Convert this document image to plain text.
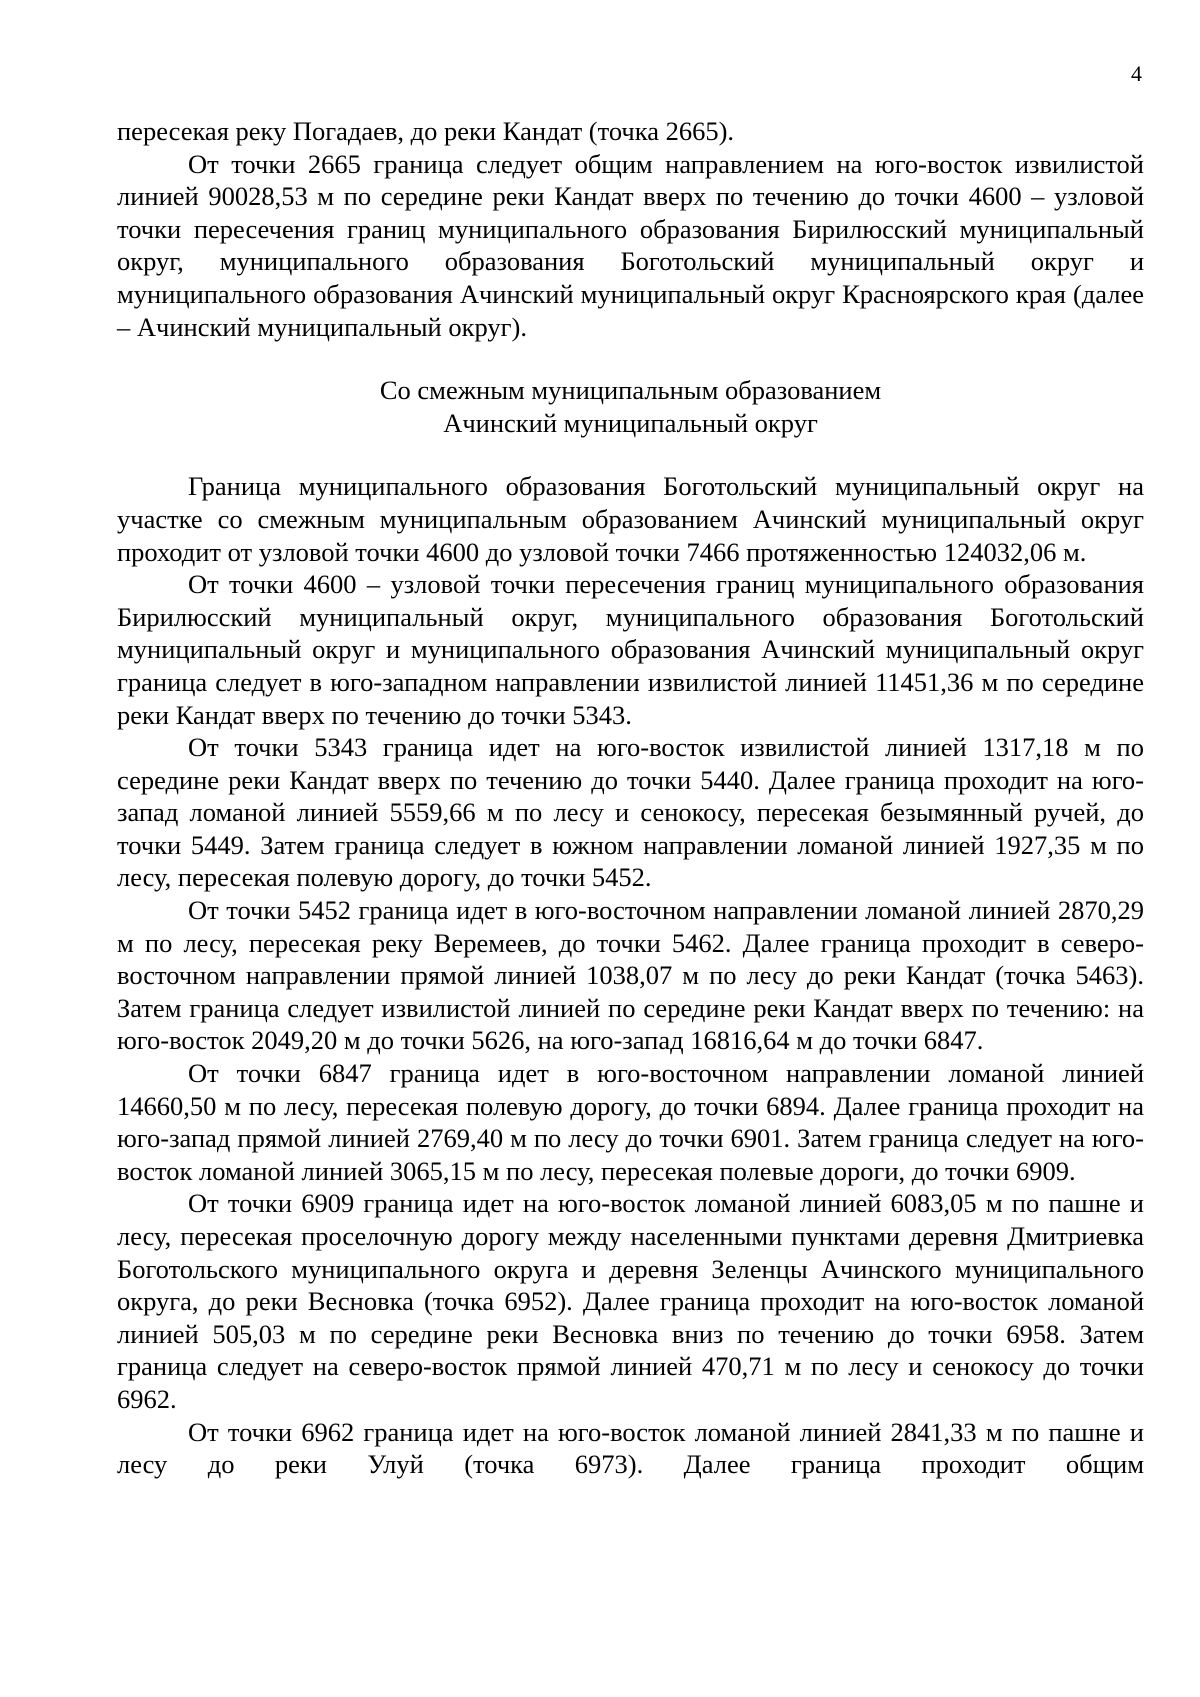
4

пересекая реку Погадаев, до реки Кандат (точка 2665).

От точки 2665 граница следует общим направлением на юго-восток извилистой линией 90028,53 м по середине реки Кандат вверх по течению до точки 4600 – узловой точки пересечения границ муниципального образования Бирилюсский муниципальный округ, муниципального образования Боготольский муниципальный округ и муниципального образования Ачинский муниципальный округ Красноярского края (далее – Ачинский муниципальный округ).

Со смежным муниципальным образованием
Ачинский муниципальный округ

Граница муниципального образования Боготольский муниципальный округ на участке со смежным муниципальным образованием Ачинский муниципальный округ проходит от узловой точки 4600 до узловой точки 7466 протяженностью 124032,06 м.

От точки 4600 – узловой точки пересечения границ муниципального образования Бирилюсский муниципальный округ, муниципального образования Боготольский муниципальный округ и муниципального образования Ачинский муниципальный округ граница следует в юго-западном направлении извилистой линией 11451,36 м по середине реки Кандат вверх по течению до точки 5343.

От точки 5343 граница идет на юго-восток извилистой линией 1317,18 м по середине реки Кандат вверх по течению до точки 5440. Далее граница проходит на юго-запад ломаной линией 5559,66 м по лесу и сенокосу, пересекая безымянный ручей, до точки 5449. Затем граница следует в южном направлении ломаной линией 1927,35 м по лесу, пересекая полевую дорогу, до точки 5452.

От точки 5452 граница идет в юго-восточном направлении ломаной линией 2870,29 м по лесу, пересекая реку Веремеев, до точки 5462. Далее граница проходит в северо-восточном направлении прямой линией 1038,07 м по лесу до реки Кандат (точка 5463). Затем граница следует извилистой линией по середине реки Кандат вверх по течению: на юго-восток 2049,20 м до точки 5626, на юго-запад 16816,64 м до точки 6847.

От точки 6847 граница идет в юго-восточном направлении ломаной линией 14660,50 м по лесу, пересекая полевую дорогу, до точки 6894. Далее граница проходит на юго-запад прямой линией 2769,40 м по лесу до точки 6901. Затем граница следует на юго-восток ломаной линией 3065,15 м по лесу, пересекая полевые дороги, до точки 6909.

От точки 6909 граница идет на юго-восток ломаной линией 6083,05 м по пашне и лесу, пересекая проселочную дорогу между населенными пунктами деревня Дмитриевка Боготольского муниципального округа и деревня Зеленцы Ачинского муниципального округа, до реки Весновка (точка 6952). Далее граница проходит на юго-восток ломаной линией 505,03 м по середине реки Весновка вниз по течению до точки 6958. Затем граница следует на северо-восток прямой линией 470,71 м по лесу и сенокосу до точки 6962.

От точки 6962 граница идет на юго-восток ломаной линией 2841,33 м по пашне и лесу до реки Улуй (точка 6973). Далее граница проходит общим
